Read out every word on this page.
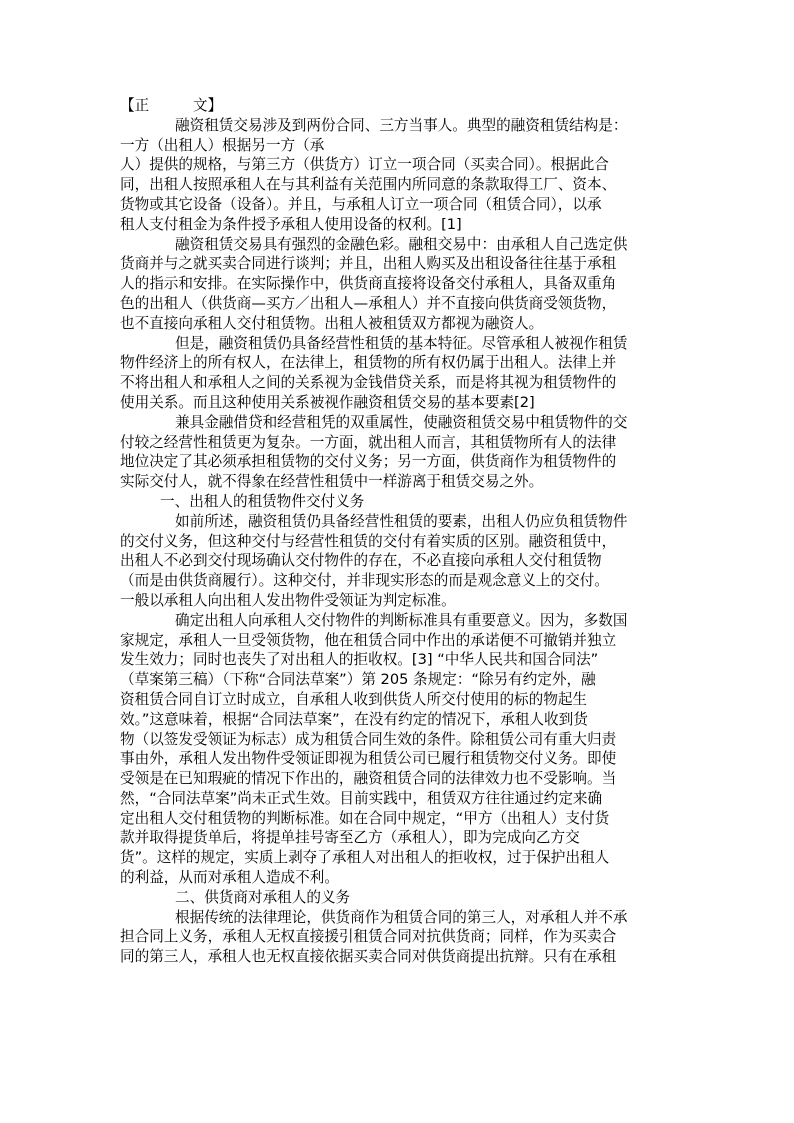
【正　　　文】
融资租赁交易涉及到两份合同、三方当事人。典型的融资租赁结构是：
一方（出租人）根据另一方（承
人）提供的规格，与第三方（供货方）订立一项合同（买卖合同）。根据此合
同，出租人按照承租人在与其利益有关范围内所同意的条款取得工厂、资本、
货物或其它设备（设备）。并且，与承租人订立一项合同（租赁合同），以承
租人支付租金为条件授予承租人使用设备的权利。[1]
融资租赁交易具有强烈的金融色彩。融租交易中：由承租人自己选定供
货商并与之就买卖合同进行谈判；并且，出租人购买及出租设备往往基于承租
人的指示和安排。在实际操作中，供货商直接将设备交付承租人，具备双重角
色的出租人（供货商—买方／出租人—承租人）并不直接向供货商受领货物，
也不直接向承租人交付租赁物。出租人被租赁双方都视为融资人。
但是，融资租赁仍具备经营性租赁的基本特征。尽管承租人被视作租赁
物件经济上的所有权人，在法律上，租赁物的所有权仍属于出租人。法律上并
不将出租人和承租人之间的关系视为金钱借贷关系，而是将其视为租赁物件的
使用关系。而且这种使用关系被视作融资租赁交易的基本要素[2]
兼具金融借贷和经营租凭的双重属性，使融资租赁交易中租赁物件的交
付较之经营性租赁更为复杂。一方面，就出租人而言，其租赁物所有人的法律
地位决定了其必须承担租赁物的交付义务；另一方面，供货商作为租赁物件的
实际交付人，就不得象在经营性租赁中一样游离于租赁交易之外。
一、出租人的租赁物件交付义务
如前所述，融资租赁仍具备经营性租赁的要素，出租人仍应负租赁物件
的交付义务，但这种交付与经营性租赁的交付有着实质的区别。融资租赁中，
出租人不必到交付现场确认交付物件的存在，不必直接向承租人交付租赁物
（而是由供货商履行）。这种交付，并非现实形态的而是观念意义上的交付。
一般以承租人向出租人发出物件受领证为判定标准。
确定出租人向承租人交付物件的判断标准具有重要意义。因为，多数国
家规定，承租人一旦受领货物，他在租赁合同中作出的承诺便不可撤销并独立
发生效力；同时也丧失了对出租人的拒收权。[3] “中华人民共和国合同法”
（草案第三稿）（下称“合同法草案”）第 205 条规定：“除另有约定外，融
资租赁合同自订立时成立，自承租人收到供货人所交付使用的标的物起生
效。”这意味着，根据“合同法草案”，在没有约定的情况下，承租人收到货
物（以签发受领证为标志）成为租赁合同生效的条件。除租赁公司有重大归责
事由外，承租人发出物件受领证即视为租赁公司已履行租赁物交付义务。即使
受领是在已知瑕疵的情况下作出的，融资租赁合同的法律效力也不受影响。当
然，“合同法草案”尚未正式生效。目前实践中，租赁双方往往通过约定来确
定出租人交付租赁物的判断标准。如在合同中规定，“甲方（出租人）支付货
款并取得提货单后，将提单挂号寄至乙方（承租人），即为完成向乙方交
货”。这样的规定，实质上剥夺了承租人对出租人的拒收权，过于保护出租人
的利益，从而对承租人造成不利。
二、供货商对承租人的义务
根据传统的法律理论，供货商作为租赁合同的第三人，对承租人并不承
担合同上义务，承租人无权直接援引租赁合同对抗供货商；同样，作为买卖合
同的第三人，承租人也无权直接依据买卖合同对供货商提出抗辩。只有在承租
